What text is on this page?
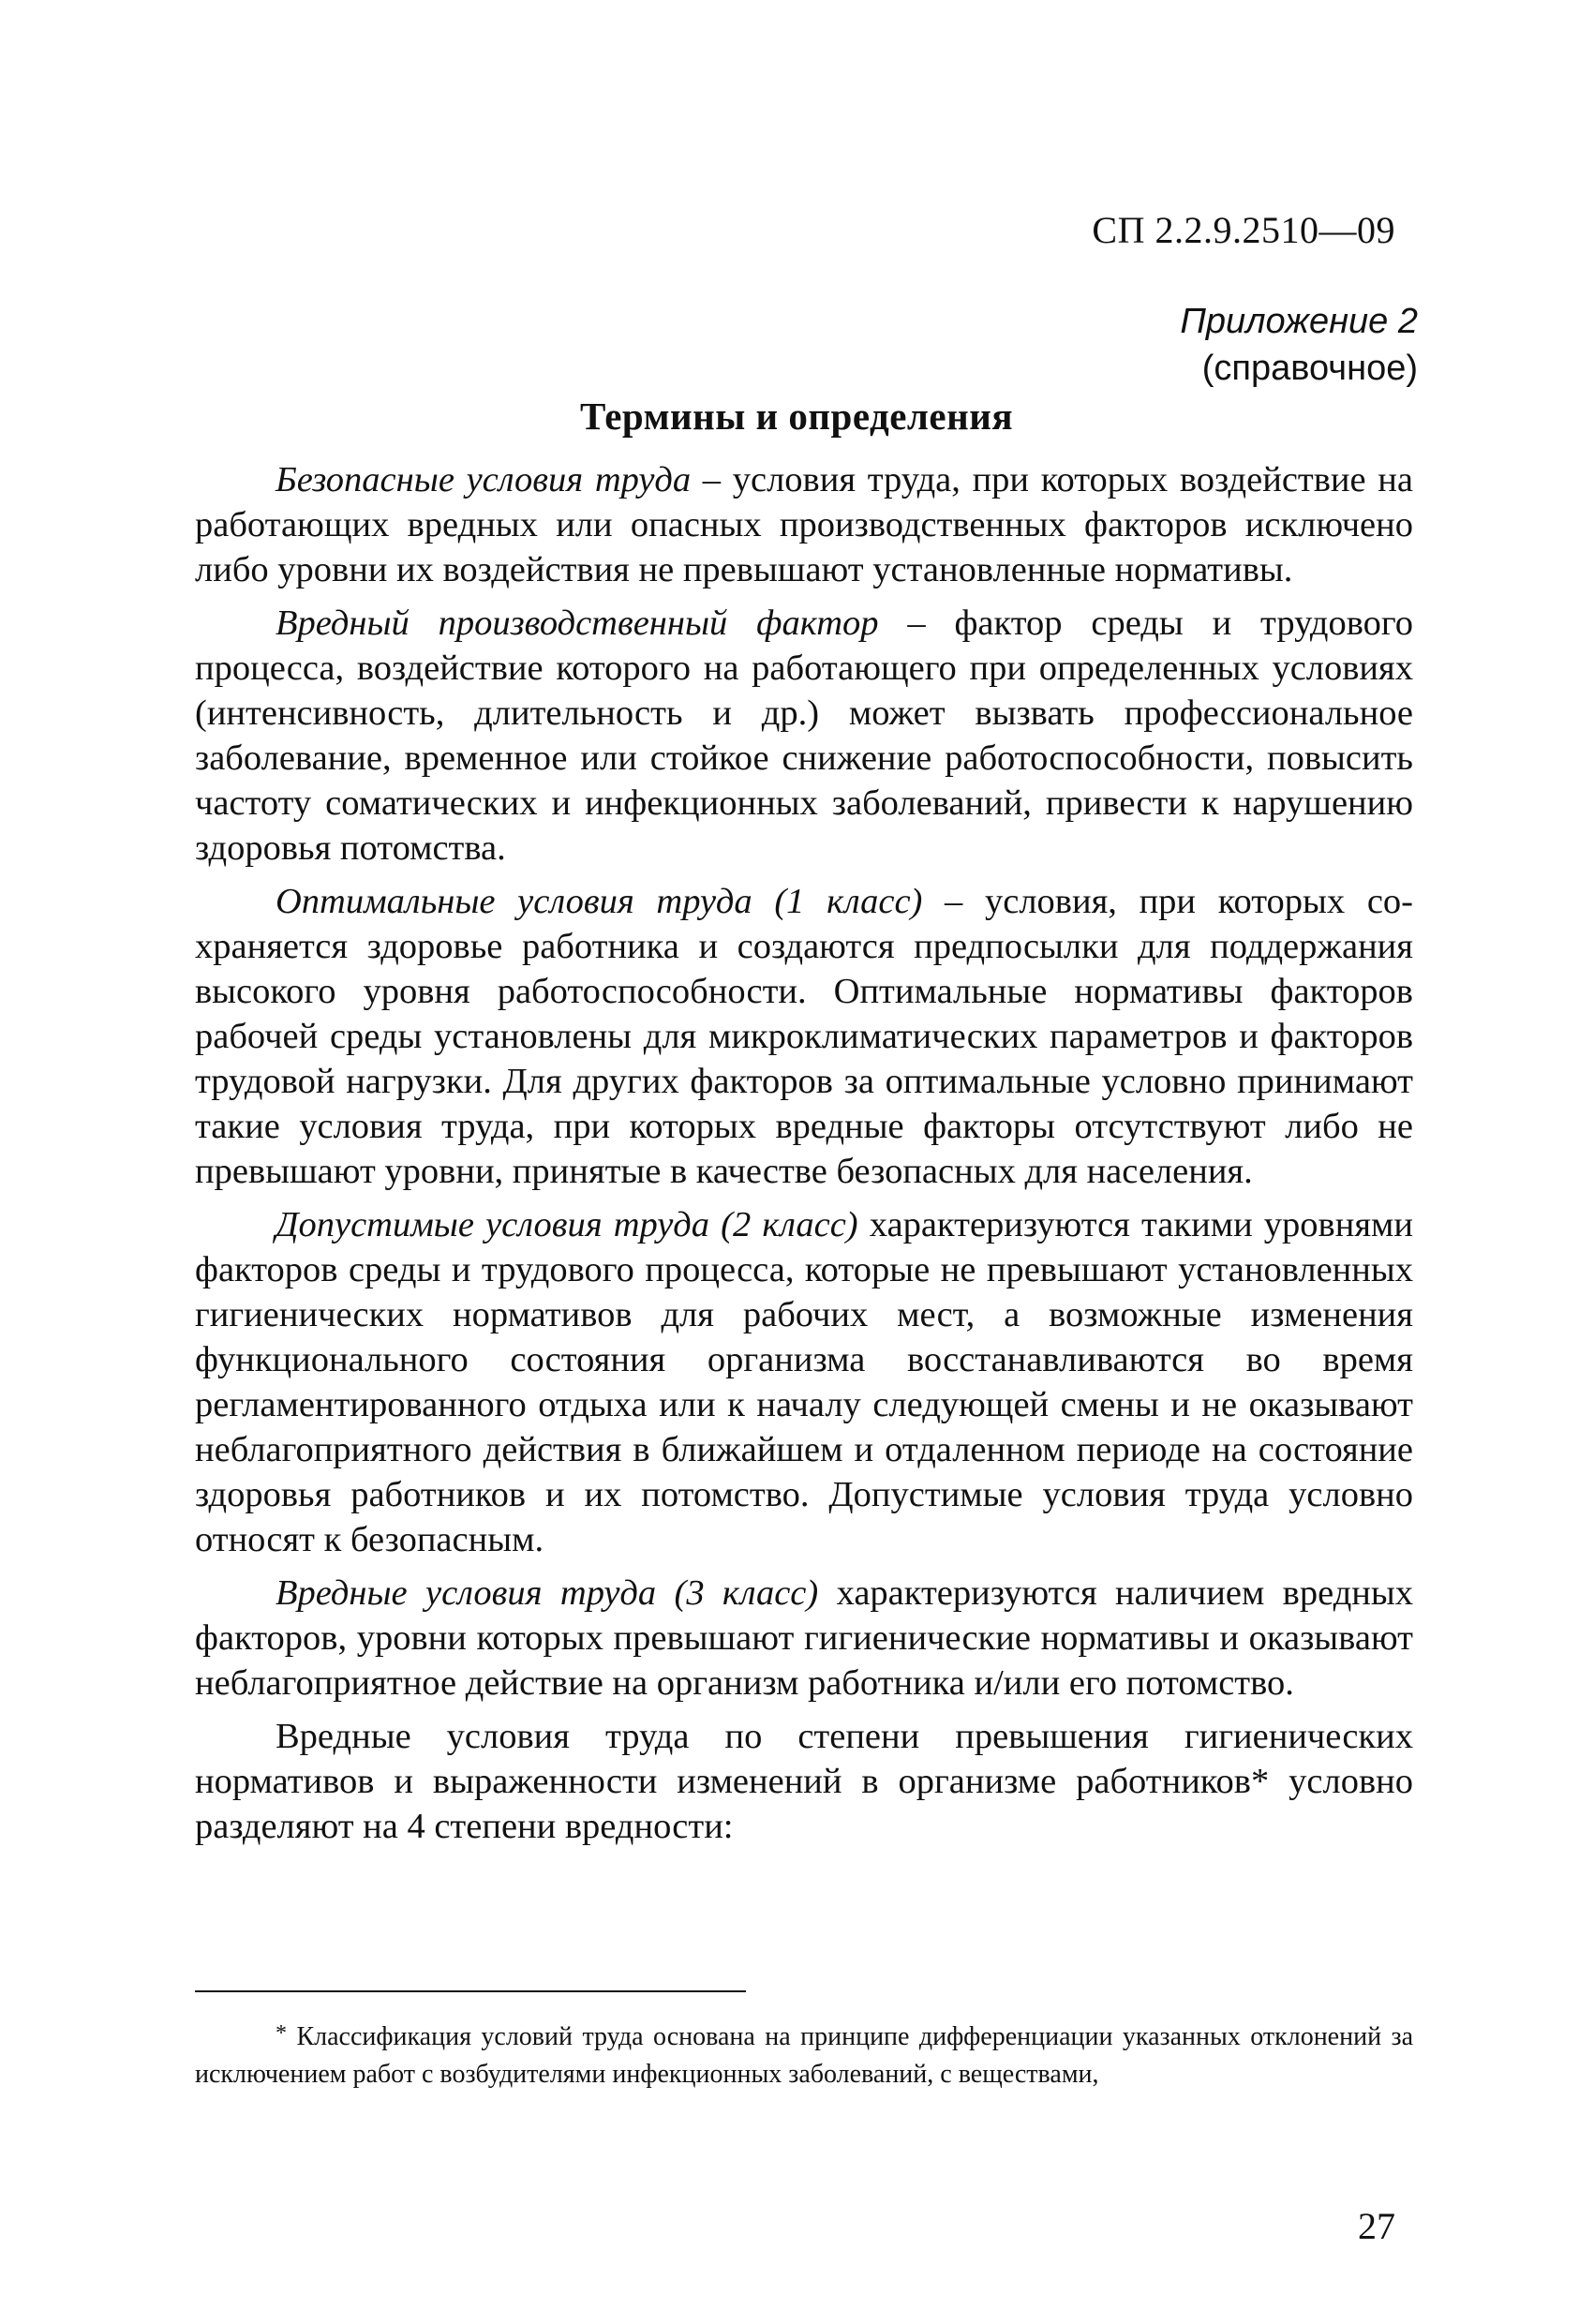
СП 2.2.9.2510—09
Приложение 2
(справочное)
Термины и определения

Безопасные условия труда – условия труда, при которых воздействие на работающих вредных или опасных производственных факторов исключено либо уровни их воздействия не превышают установленные нормативы.

Вредный производственный фактор – фактор среды и трудового процесса, воздействие которого на работающего при определенных условиях (интенсивность, длительность и др.) может вызвать профессиональное заболевание, временное или стойкое снижение работоспособности, повысить частоту соматических и инфекционных заболеваний, привести к нарушению здоровья потомства.

Оптимальные условия труда (1 класс) – условия, при которых сохраняется здоровье работника и создаются предпосылки для поддержания высокого уровня работоспособности. Оптимальные нормативы факторов рабочей среды установлены для микроклиматических параметров и факторов трудовой нагрузки. Для других факторов за оптимальные условно принимают такие условия труда, при которых вредные факторы отсутствуют либо не превышают уровни, принятые в качестве безопасных для населения.

Допустимые условия труда (2 класс) характеризуются такими уровнями факторов среды и трудового процесса, которые не превышают установленных гигиенических нормативов для рабочих мест, а возможные изменения функционального состояния организма восстанавливаются во время регламентированного отдыха или к началу следующей смены и не оказывают неблагоприятного действия в ближайшем и отдаленном периоде на состояние здоровья работников и их потомство. Допустимые условия труда условно относят к безопасным.

Вредные условия труда (3 класс) характеризуются наличием вредных факторов, уровни которых превышают гигиенические нормативы и оказывают неблагоприятное действие на организм работника и/или его потомство.

Вредные условия труда по степени превышения гигиенических нормативов и выраженности изменений в организме работников* условно разделяют на 4 степени вредности:

* Классификация условий труда основана на принципе дифференциации указанных отклонений за исключением работ с возбудителями инфекционных заболеваний, с веществами,
27
